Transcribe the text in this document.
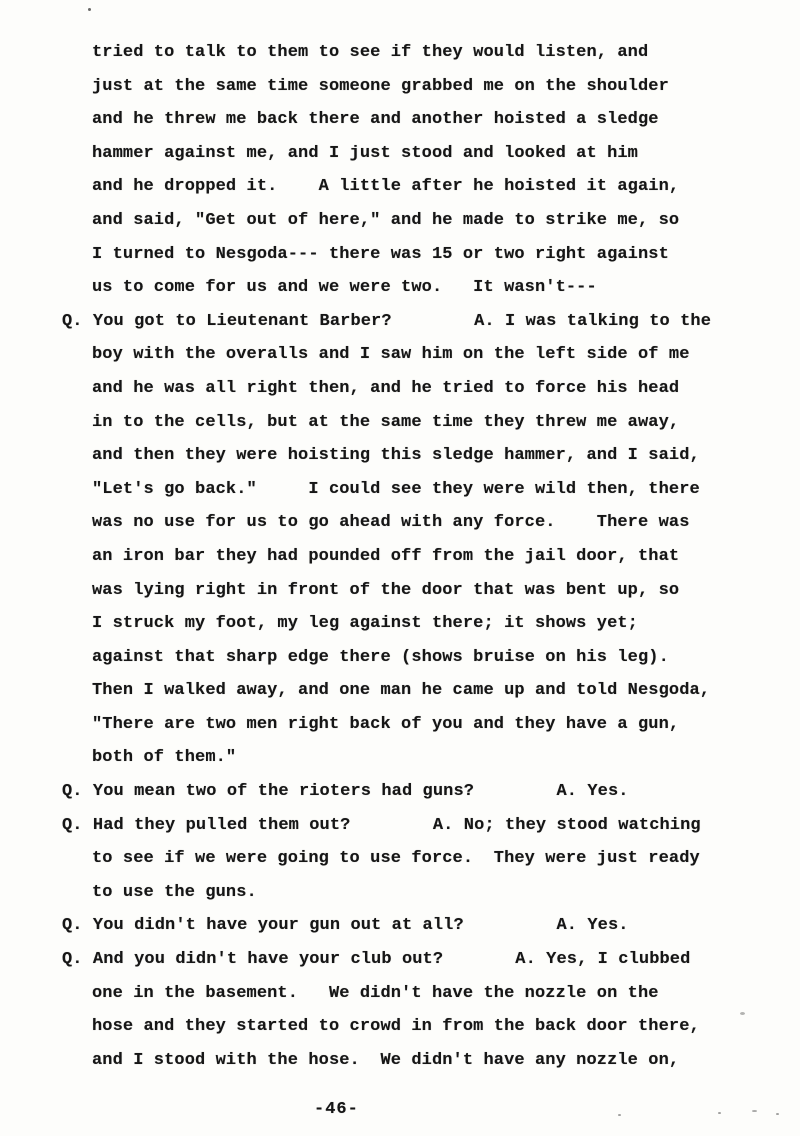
tried to talk to them to see if they would listen, and
just at the same time someone grabbed me on the shoulder
and he threw me back there and another hoisted a sledge
hammer against me, and I just stood and looked at him
and he dropped it.    A little after he hoisted it again,
and said, "Get out of here," and he made to strike me, so
I turned to Nesgoda--- there was 15 or two right against
us to come for us and we were two.   It wasn't---
Q. You got to Lieutenant Barber?        A. I was talking to the
boy with the overalls and I saw him on the left side of me
and he was all right then, and he tried to force his head
in to the cells, but at the same time they threw me away,
and then they were hoisting this sledge hammer, and I said,
"Let's go back."     I could see they were wild then, there
was no use for us to go ahead with any force.    There was
an iron bar they had pounded off from the jail door, that
was lying right in front of the door that was bent up, so
I struck my foot, my leg against there; it shows yet;
against that sharp edge there (shows bruise on his leg).
Then I walked away, and one man he came up and told Nesgoda,
"There are two men right back of you and they have a gun,
both of them."
Q. You mean two of the rioters had guns?        A. Yes.
Q. Had they pulled them out?        A. No; they stood watching
to see if we were going to use force.  They were just ready
to use the guns.
Q. You didn't have your gun out at all?         A. Yes.
Q. And you didn't have your club out?       A. Yes, I clubbed
one in the basement.   We didn't have the nozzle on the
hose and they started to crowd in from the back door there,
and I stood with the hose.  We didn't have any nozzle on,
-46-
